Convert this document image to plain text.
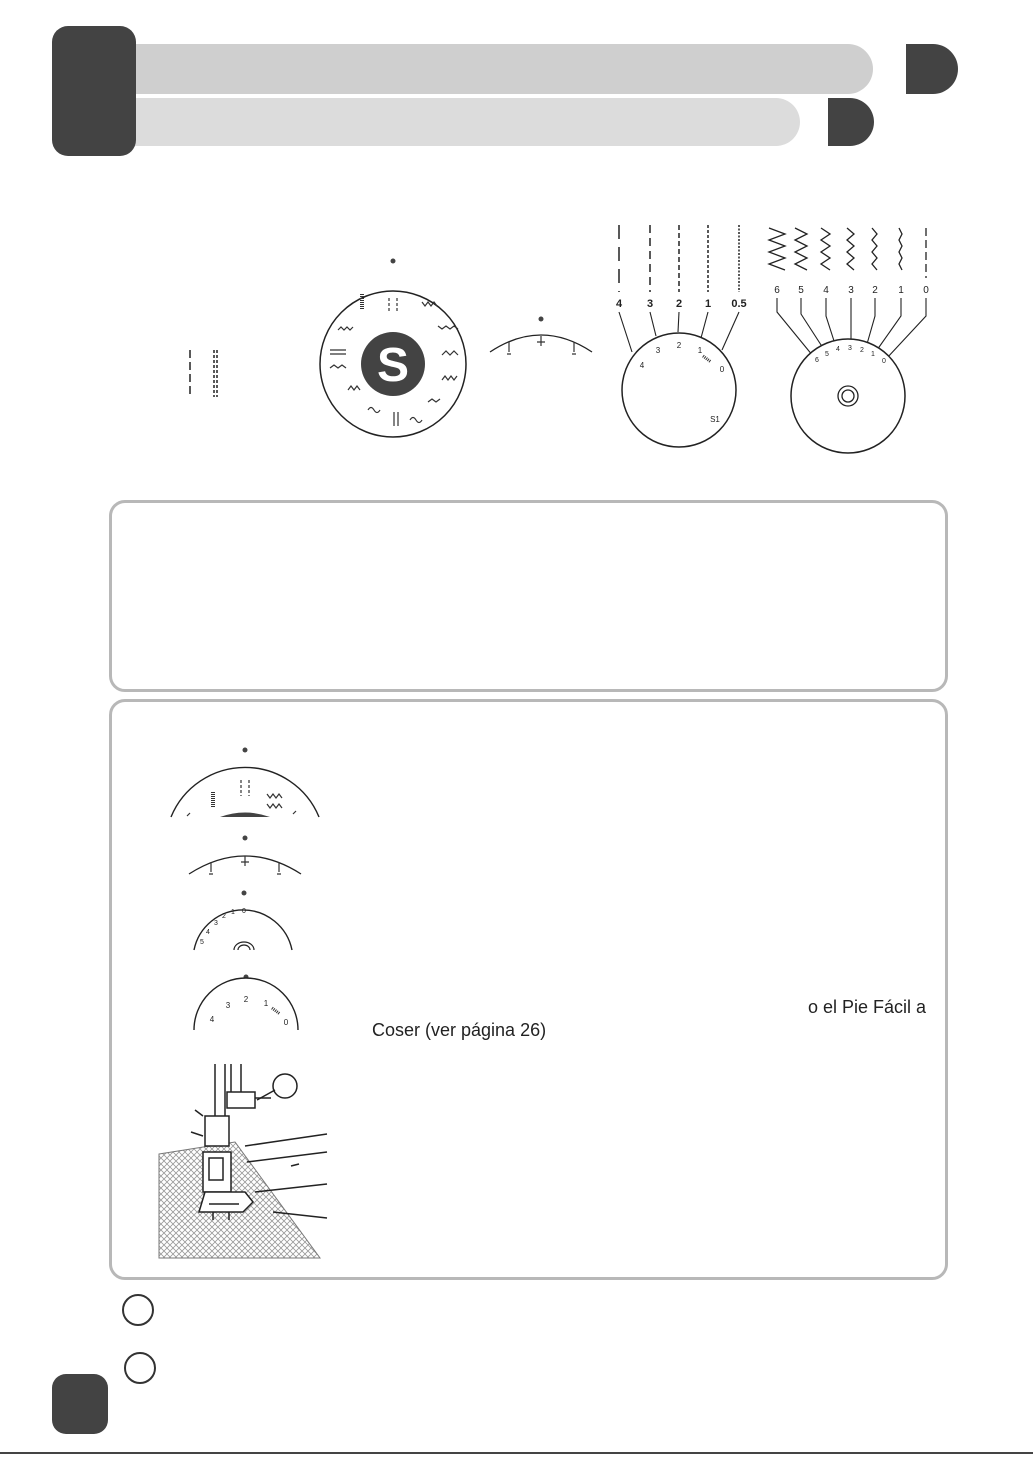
S
4 3 2 1 0.5
4
3
2
1
0
S1
6 5 4 3 2 1 0
6
5
4 3 2
1
0
5
4
3
2
1 0
4
3
2 1
0
o el Pie Fácil a
Coser (ver página 26)
